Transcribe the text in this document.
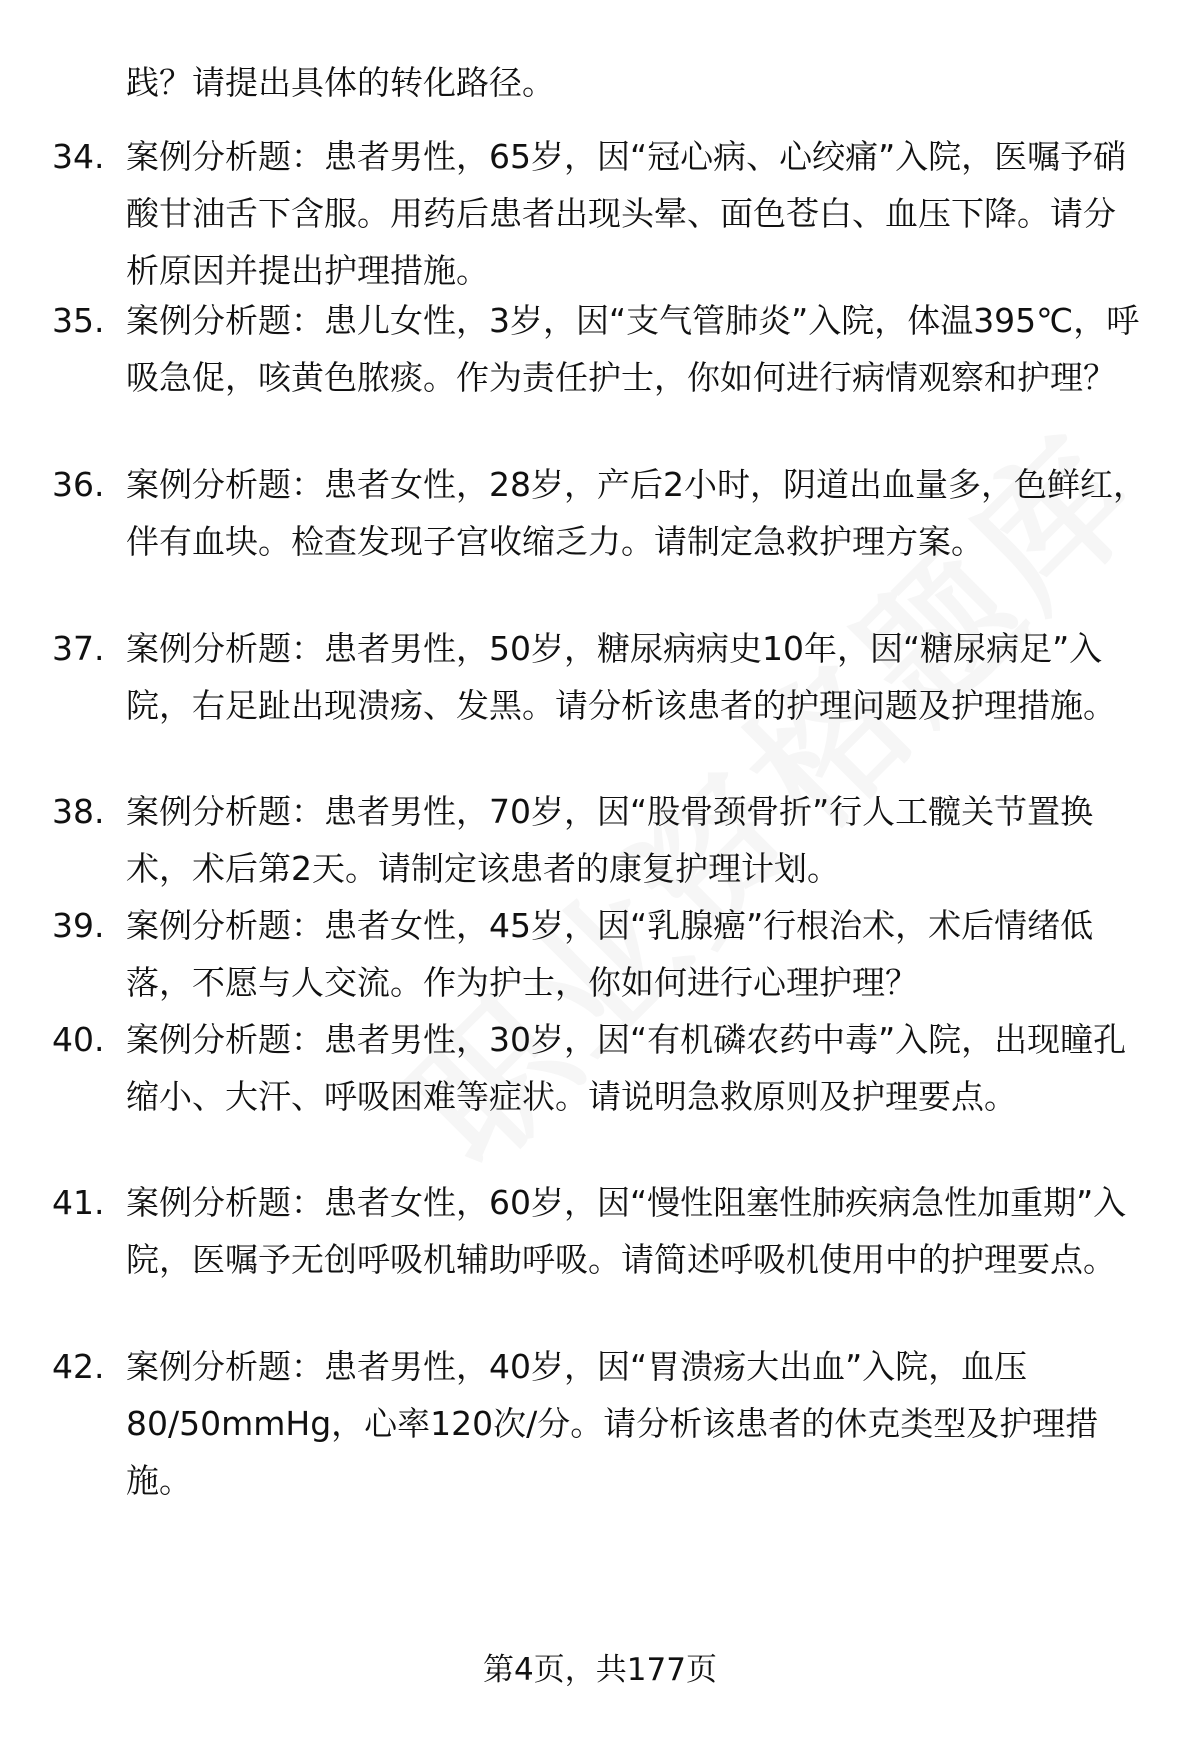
践？请提出具体的转化路径。
34. 案例分析题：患者男性，65岁，因“冠心病、心绞痛”入院，医嘱予硝酸甘油舌下含服。用药后患者出现头晕、面色苍白、血压下降。请分析原因并提出护理措施。
35. 案例分析题：患儿女性，3岁，因“支气管肺炎”入院，体温395℃，呼吸急促，咳黄色脓痰。作为责任护士，你如何进行病情观察和护理？
36. 案例分析题：患者女性，28岁，产后2小时，阴道出血量多，色鲜红，伴有血块。检查发现子宫收缩乏力。请制定急救护理方案。
37. 案例分析题：患者男性，50岁，糖尿病病史10年，因“糖尿病足”入院，右足趾出现溃疡、发黑。请分析该患者的护理问题及护理措施。
38. 案例分析题：患者男性，70岁，因“股骨颈骨折”行人工髋关节置换术，术后第2天。请制定该患者的康复护理计划。
39. 案例分析题：患者女性，45岁，因“乳腺癌”行根治术，术后情绪低落，不愿与人交流。作为护士，你如何进行心理护理？
40. 案例分析题：患者男性，30岁，因“有机磷农药中毒”入院，出现瞳孔缩小、大汗、呼吸困难等症状。请说明急救原则及护理要点。
41. 案例分析题：患者女性，60岁，因“慢性阻塞性肺疾病急性加重期”入院，医嘱予无创呼吸机辅助呼吸。请简述呼吸机使用中的护理要点。
42. 案例分析题：患者男性，40岁，因“胃溃疡大出血”入院，血压80/50mmHg，心率120次/分。请分析该患者的休克类型及护理措施。
第4页，共177页
